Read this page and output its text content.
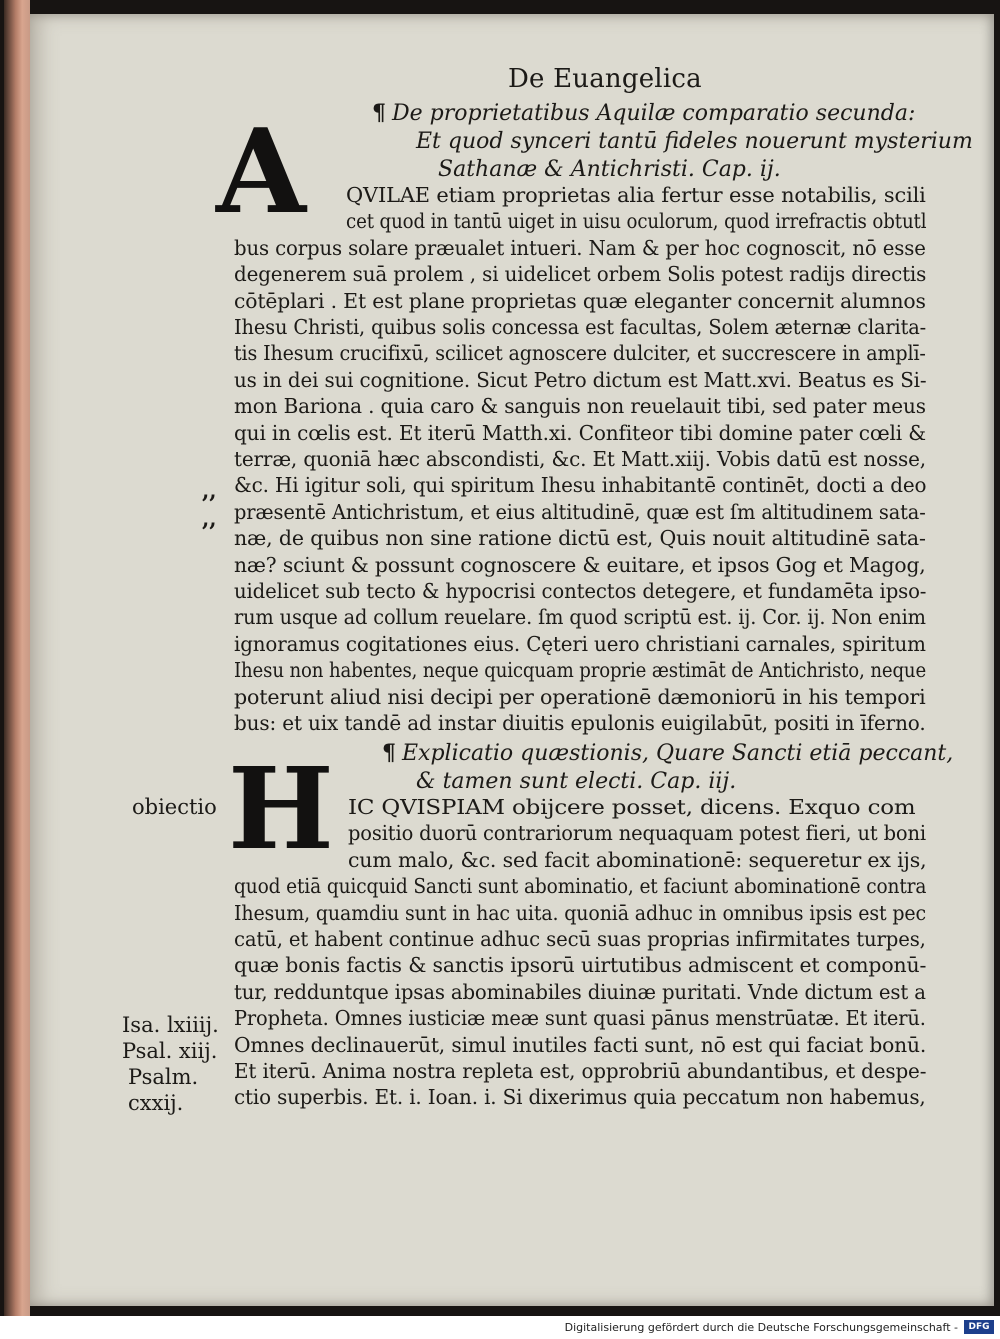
De Euangelica
¶ De proprietatibus Aquilæ comparatio secunda:
Et quod synceri tantū fideles nouerunt mysterium
Sathanæ & Antichristi. Cap. ij.
A QVILAE etiam proprietas alia fertur esse notabilis, scili
cet quod in tantū uiget in uisu oculorum, quod irrefractis obtutl
bus corpus solare præualet intueri. Nam & per hoc cognoscit, nō esse
degenerem suā prolem , si uidelicet orbem Solis potest radijs directis
cōtēplari . Et est plane proprietas quæ eleganter concernit alumnos
Ihesu Christi, quibus solis concessa est facultas, Solem æternæ clarita-
tis Ihesum crucifixū, scilicet agnoscere dulciter, et succrescere in amplī-
us in dei sui cognitione. Sicut Petro dictum est Matt.xvi. Beatus es Si-
mon Bariona . quia caro & sanguis non reuelauit tibi, sed pater meus
qui in cœlis est. Et iterū Matth.xi. Confiteor tibi domine pater cœli &
terræ, quoniā hæc abscondisti, &c. Et Matt.xiij. Vobis datū est nosse,
&c. Hi igitur soli, qui spiritum Ihesu inhabitantē continēt, docti a deo
præsentē Antichristum, et eius altitudinē, quæ est ſm altitudinem sata-
næ, de quibus non sine ratione dictū est, Quis nouit altitudinē sata-
næ? sciunt & possunt cognoscere & euitare, et ipsos Gog et Magog,
uidelicet sub tecto & hypocrisi contectos detegere, et fundamēta ipso-
rum usque ad collum reuelare. ſm quod scriptū est. ij. Cor. ij. Non enim
ignoramus cogitationes eius. Cęteri uero christiani carnales, spiritum
Ihesu non habentes, neque quicquam proprie æstimāt de Antichristo, neque
poterunt aliud nisi decipi per operationē dæmoniorū in his tempori
bus: et uix tandē ad instar diuitis epulonis euigilabūt, positi in īferno.
¶ Explicatio quæstionis, Quare Sancti etiā peccant,
& tamen sunt electi. Cap. iij.
H IC QVISPIAM obijcere posset, dicens. Exquo com
positio duorū contrariorum nequaquam potest fieri, ut boni
cum malo, &c. sed facit abominationē: sequeretur ex ijs,
quod etiā quicquid Sancti sunt abominatio, et faciunt abominationē contra
Ihesum, quamdiu sunt in hac uita. quoniā adhuc in omnibus ipsis est pec
catū, et habent continue adhuc secū suas proprias infirmitates turpes,
quæ bonis factis & sanctis ipsorū uirtutibus admiscent et componū-
tur, redduntque ipsas abominabiles diuinæ puritati. Vnde dictum est a
Propheta. Omnes iusticiæ meæ sunt quasi pānus menstrūatæ. Et iterū.
Omnes declinauerūt, simul inutiles facti sunt, nō est qui faciat bonū.
Et iterū. Anima nostra repleta est, opprobriū abundantibus, et despe-
ctio superbis. Et. i. Ioan. i. Si dixerimus quia peccatum non habemus,
,,
,,
obiectio
Isa. lxiiij.
Psal. xiij.
Psalm.
cxxij.
Digitalisierung gefördert durch die Deutsche Forschungsgemeinschaft -	DFG
